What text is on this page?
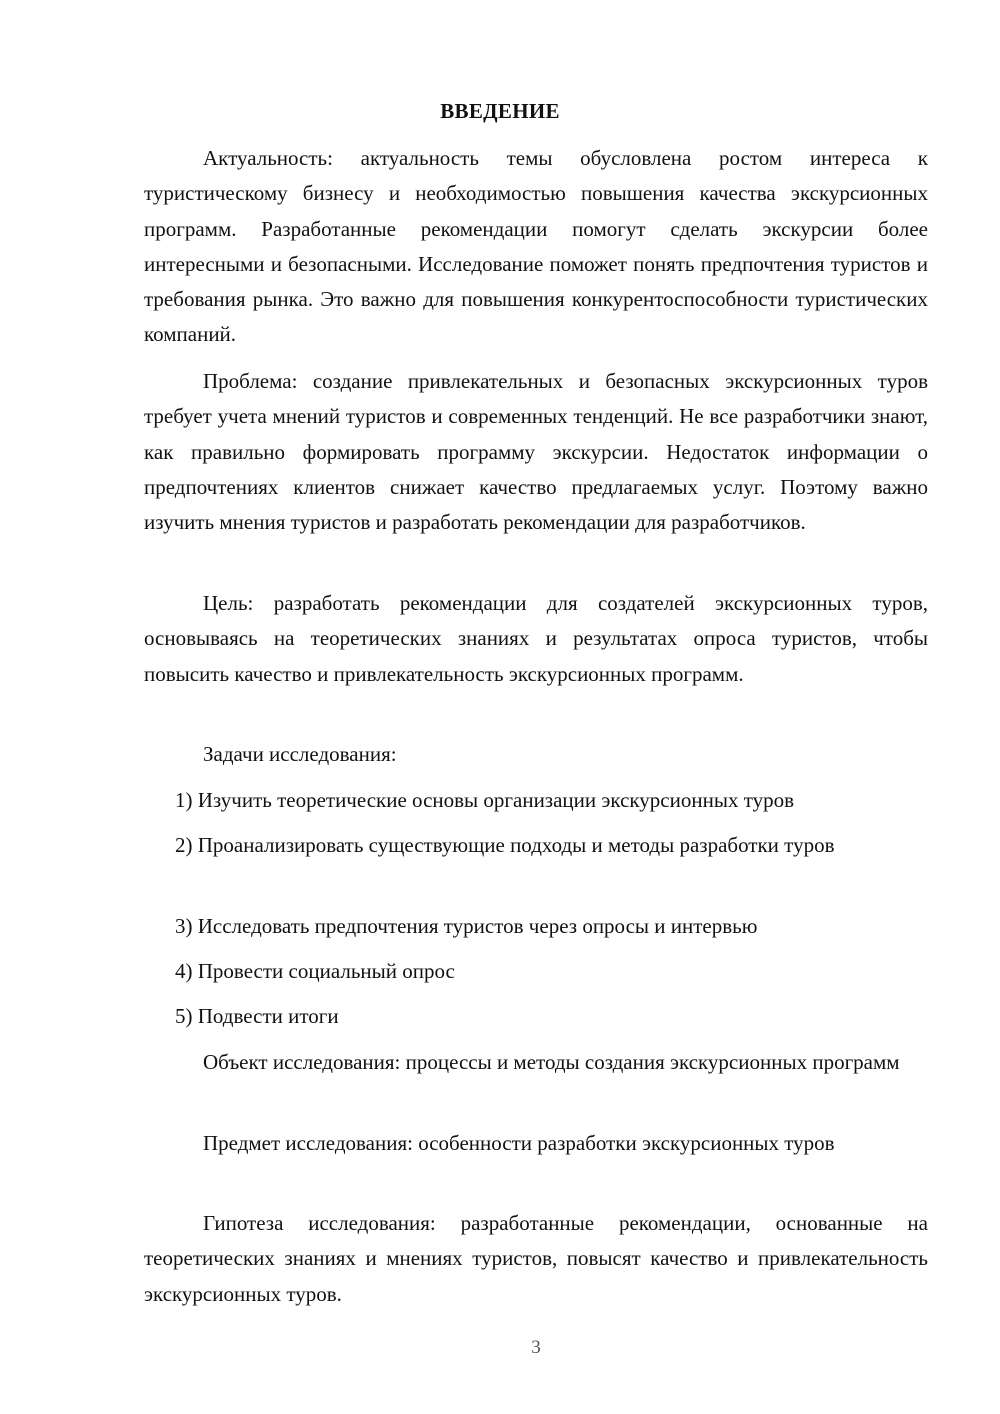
ВВЕДЕНИЕ

Актуальность: актуальность темы обусловлена ростом интереса к туристическому бизнесу и необходимостью повышения качества экскурсионных программ. Разработанные рекомендации помогут сделать экскурсии более интересными и безопасными. Исследование поможет понять предпочтения туристов и требования рынка. Это важно для повышения конкурентоспособности туристических компаний.

Проблема: создание привлекательных и безопасных экскурсионных туров требует учета мнений туристов и современных тенденций. Не все разработчики знают, как правильно формировать программу экскурсии. Недостаток информации о предпочтениях клиентов снижает качество предлагаемых услуг. Поэтому важно изучить мнения туристов и разработать рекомендации для разработчиков.

Цель: разработать рекомендации для создателей экскурсионных туров, основываясь на теоретических знаниях и результатах опроса туристов, чтобы повысить качество и привлекательность экскурсионных программ.

Задачи исследования:

1) Изучить теоретические основы организации экскурсионных туров

2) Проанализировать существующие подходы и методы разработки туров

3) Исследовать предпочтения туристов через опросы и интервью

4) Провести социальный опрос

5) Подвести итоги

Объект исследования: процессы и методы создания экскурсионных программ

Предмет исследования: особенности разработки экскурсионных туров

Гипотеза исследования: разработанные рекомендации, основанные на теоретических знаниях и мнениях туристов, повысят качество и привлекательность экскурсионных туров.

3
